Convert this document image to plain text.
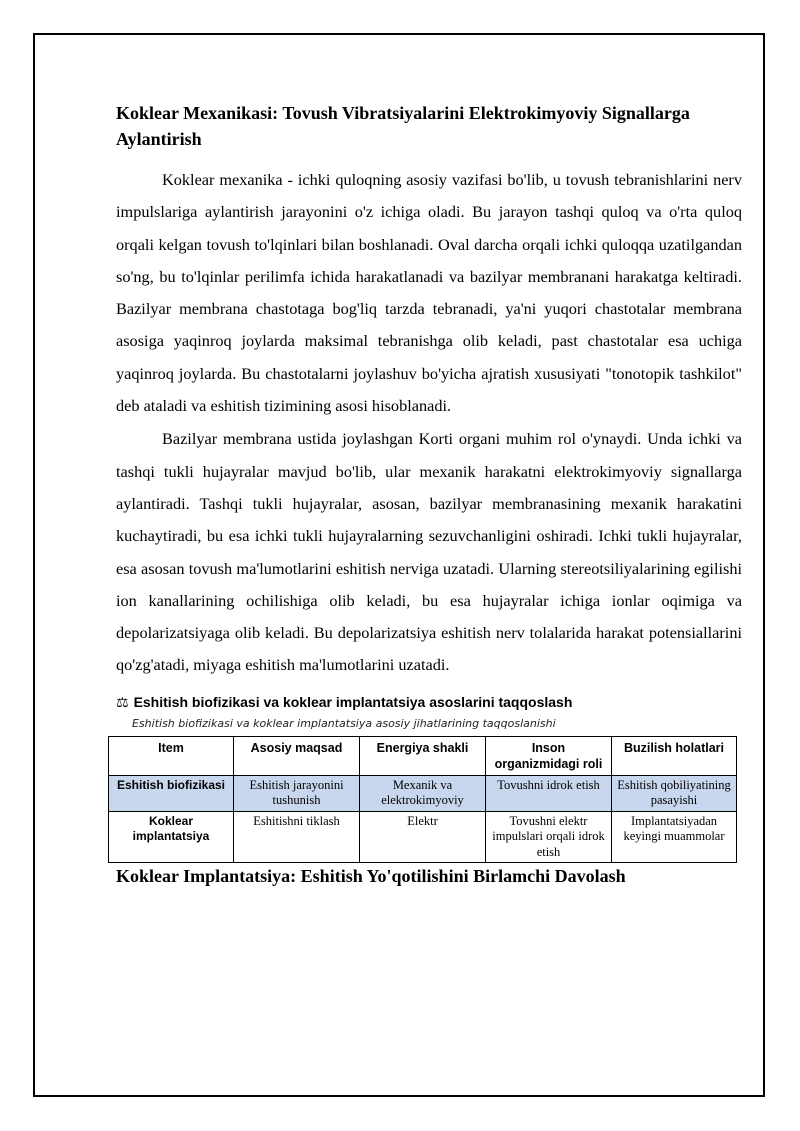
Koklear Mexanikasi: Tovush Vibratsiyalarini Elektrokimyoviy Signallarga Aylantirish

Koklear mexanika - ichki quloqning asosiy vazifasi bo'lib, u tovush tebranishlarini nerv impulslariga aylantirish jarayonini o'z ichiga oladi. Bu jarayon tashqi quloq va o'rta quloq orqali kelgan tovush to'lqinlari bilan boshlanadi. Oval darcha orqali ichki quloqqa uzatilgandan so'ng, bu to'lqinlar perilimfa ichida harakatlanadi va bazilyar membranani harakatga keltiradi. Bazilyar membrana chastotaga bog'liq tarzda tebranadi, ya'ni yuqori chastotalar membrana asosiga yaqinroq joylarda maksimal tebranishga olib keladi, past chastotalar esa uchiga yaqinroq joylarda. Bu chastotalarni joylashuv bo'yicha ajratish xususiyati "tonotopik tashkilot" deb ataladi va eshitish tizimining asosi hisoblanadi.

Bazilyar membrana ustida joylashgan Korti organi muhim rol o'ynaydi. Unda ichki va tashqi tukli hujayralar mavjud bo'lib, ular mexanik harakatni elektrokimyoviy signallarga aylantiradi. Tashqi tukli hujayralar, asosan, bazilyar membranasining mexanik harakatini kuchaytiradi, bu esa ichki tukli hujayralarning sezuvchanligini oshiradi. Ichki tukli hujayralar, esa asosan tovush ma'lumotlarini eshitish nerviga uzatadi. Ularning stereotsiliyalarining egilishi ion kanallarining ochilishiga olib keladi, bu esa hujayralar ichiga ionlar oqimiga va depolarizatsiyaga olib keladi. Bu depolarizatsiya eshitish nerv tolalarida harakat potensiallarini qo'zg'atadi, miyaga eshitish ma'lumotlarini uzatadi.

⚖ Eshitish biofizikasi va koklear implantatsiya asoslarini taqqoslash
Eshitish biofizikasi va koklear implantatsiya asosiy jihatlarining taqqoslanishi
Item	Asosiy maqsad	Energiya shakli	Inson organizmidagi roli	Buzilish holatlari
Eshitish biofizikasi	Eshitish jarayonini tushunish	Mexanik va elektrokimyoviy	Tovushni idrok etish	Eshitish qobiliyatining pasayishi
Koklear implantatsiya	Eshitishni tiklash	Elektr	Tovushni elektr impulslari orqali idrok etish	Implantatsiyadan keyingi muammolar
Koklear Implantatsiya: Eshitish Yo'qotilishini Birlamchi Davolash
